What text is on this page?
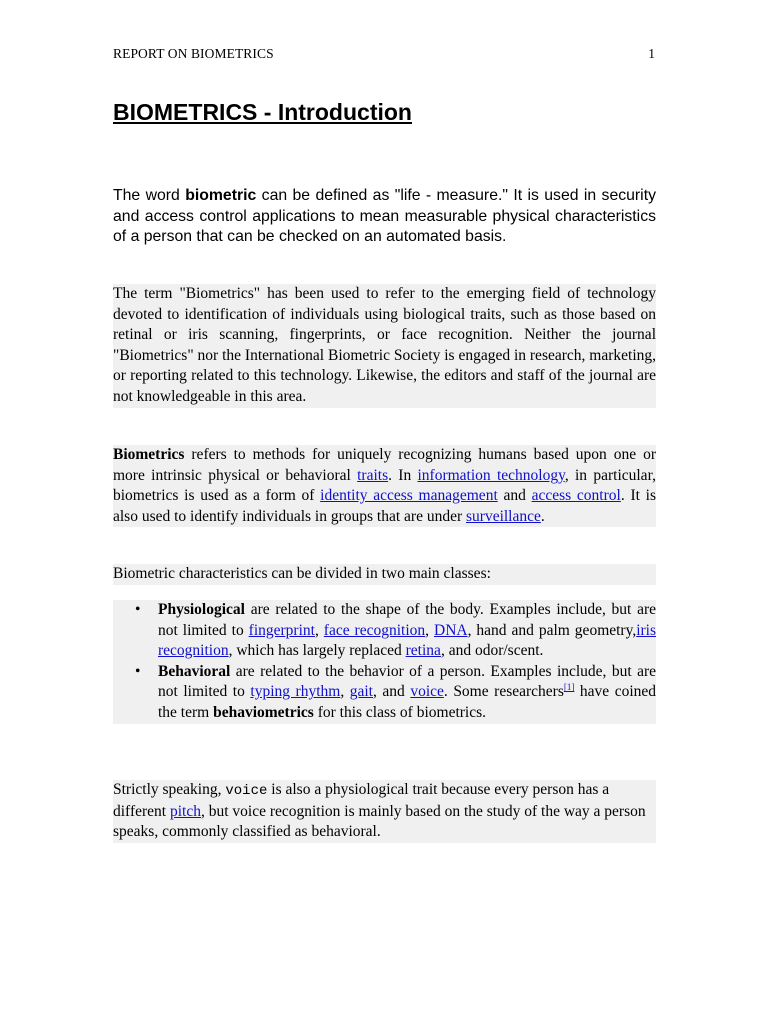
REPORT ON BIOMETRICS	1
BIOMETRICS - Introduction

The word biometric can be defined as "life - measure." It is used in security and access control applications to mean measurable physical characteristics of a person that can be checked on an automated basis.

The term "Biometrics" has been used to refer to the emerging field of technology devoted to identification of individuals using biological traits, such as those based on retinal or iris scanning, fingerprints, or face recognition. Neither the journal "Biometrics" nor the International Biometric Society is engaged in research, marketing, or reporting related to this technology. Likewise, the editors and staff of the journal are not knowledgeable in this area.

Biometrics refers to methods for uniquely recognizing humans based upon one or more intrinsic physical or behavioral traits. In information technology, in particular, biometrics is used as a form of identity access management and access control. It is also used to identify individuals in groups that are under surveillance.

Biometric characteristics can be divided in two main classes:

• Physiological are related to the shape of the body. Examples include, but are not limited to fingerprint, face recognition, DNA, hand and palm geometry,iris recognition, which has largely replaced retina, and odor/scent.
• Behavioral are related to the behavior of a person. Examples include, but are not limited to typing rhythm, gait, and voice. Some researchers[1] have coined the term behaviometrics for this class of biometrics.

Strictly speaking, voice is also a physiological trait because every person has a different pitch, but voice recognition is mainly based on the study of the way a person speaks, commonly classified as behavioral.
